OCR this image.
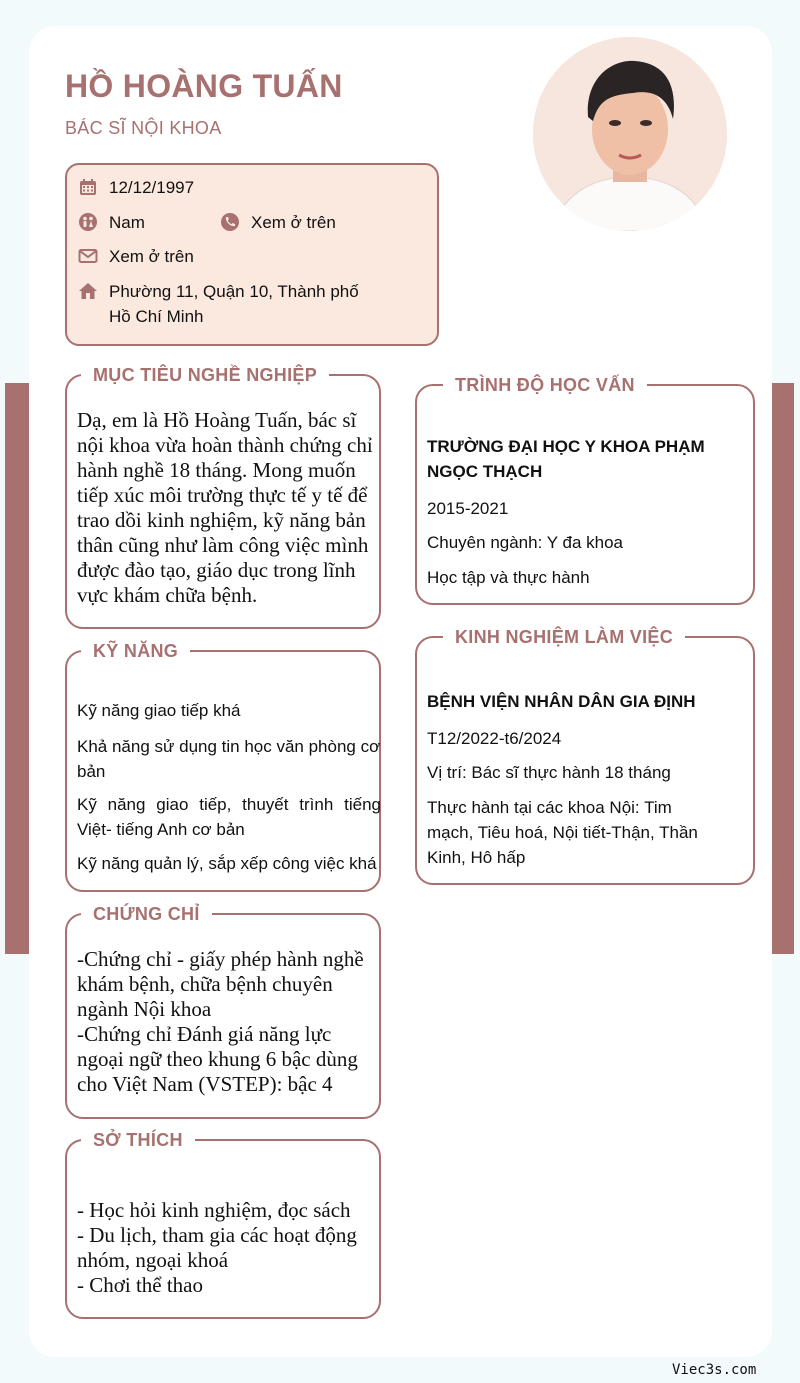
HỒ HOÀNG TUẤN
BÁC SĨ NỘI KHOA
12/12/1997
Nam	Xem ở trên
Xem ở trên
Phường 11, Quận 10, Thành phố Hồ Chí Minh
MỤC TIÊU NGHỀ NGHIỆP

Dạ, em là Hồ Hoàng Tuấn, bác sĩ nội khoa vừa hoàn thành chứng chỉ hành nghề 18 tháng. Mong muốn tiếp xúc môi trường thực tế y tế để trao dồi kinh nghiệm, kỹ năng bản thân cũng như làm công việc mình được đào tạo, giáo dục trong lĩnh vực khám chữa bệnh.

KỸ NĂNG

Kỹ năng giao tiếp khá

Khả năng sử dụng tin học văn phòng cơ bản

Kỹ năng giao tiếp, thuyết trình tiếng Việt- tiếng Anh cơ bản

Kỹ năng quản lý, sắp xếp công việc khá

CHỨNG CHỈ

-Chứng chỉ - giấy phép hành nghề khám bệnh, chữa bệnh chuyên ngành Nội khoa

-Chứng chỉ Đánh giá năng lực ngoại ngữ theo khung 6 bậc dùng cho Việt Nam (VSTEP): bậc 4

SỞ THÍCH

- Học hỏi kinh nghiệm, đọc sách

- Du lịch, tham gia các hoạt động nhóm, ngoại khoá

- Chơi thể thao

TRÌNH ĐỘ HỌC VẤN

TRƯỜNG ĐẠI HỌC Y KHOA PHẠM NGỌC THẠCH

2015-2021

Chuyên ngành: Y đa khoa

Học tập và thực hành

KINH NGHIỆM LÀM VIỆC

BỆNH VIỆN NHÂN DÂN GIA ĐỊNH

T12/2022-t6/2024

Vị trí: Bác sĩ thực hành 18 tháng

Thực hành tại các khoa Nội: Tim mạch, Tiêu hoá, Nội tiết-Thận, Thần Kinh, Hô hấp

Viec3s.com
